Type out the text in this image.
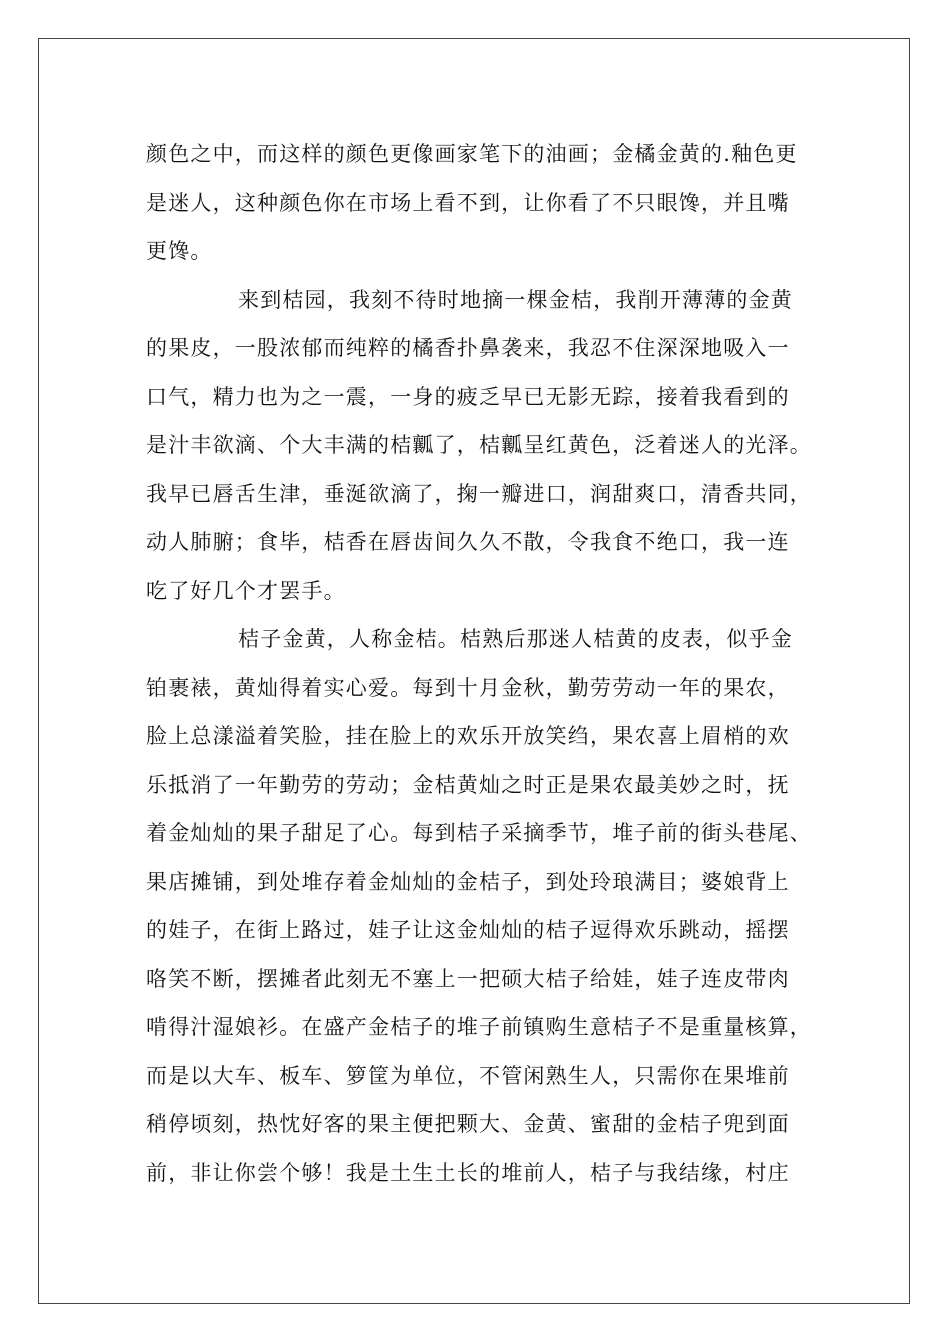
颜色之中，而这样的颜色更像画家笔下的油画；金橘金黄的.釉色更
是迷人，这种颜色你在市场上看不到，让你看了不只眼馋，并且嘴
更馋。
来到桔园，我刻不待时地摘一棵金桔，我削开薄薄的金黄
的果皮，一股浓郁而纯粹的橘香扑鼻袭来，我忍不住深深地吸入一
口气，精力也为之一震，一身的疲乏早已无影无踪，接着我看到的
是汁丰欲滴、个大丰满的桔瓤了，桔瓤呈红黄色，泛着迷人的光泽。
我早已唇舌生津，垂涎欲滴了，掬一瓣进口，润甜爽口，清香共同，
动人肺腑；食毕，桔香在唇齿间久久不散，令我食不绝口，我一连
吃了好几个才罢手。
桔子金黄，人称金桔。桔熟后那迷人桔黄的皮表，似乎金
铂裹裱，黄灿得着实心爱。每到十月金秋，勤劳劳动一年的果农，
脸上总漾溢着笑脸，挂在脸上的欢乐开放笑绉，果农喜上眉梢的欢
乐抵消了一年勤劳的劳动；金桔黄灿之时正是果农最美妙之时，抚
着金灿灿的果子甜足了心。每到桔子采摘季节，堆子前的街头巷尾、
果店摊铺，到处堆存着金灿灿的金桔子，到处玲琅满目；婆娘背上
的娃子，在街上路过，娃子让这金灿灿的桔子逗得欢乐跳动，摇摆
咯笑不断，摆摊者此刻无不塞上一把硕大桔子给娃，娃子连皮带肉
啃得汁湿娘衫。在盛产金桔子的堆子前镇购生意桔子不是重量核算，
而是以大车、板车、箩筐为单位，不管闲熟生人，只需你在果堆前
稍停顷刻，热忱好客的果主便把颗大、金黄、蜜甜的金桔子兜到面
前，非让你尝个够！我是土生土长的堆前人，桔子与我结缘，村庄
